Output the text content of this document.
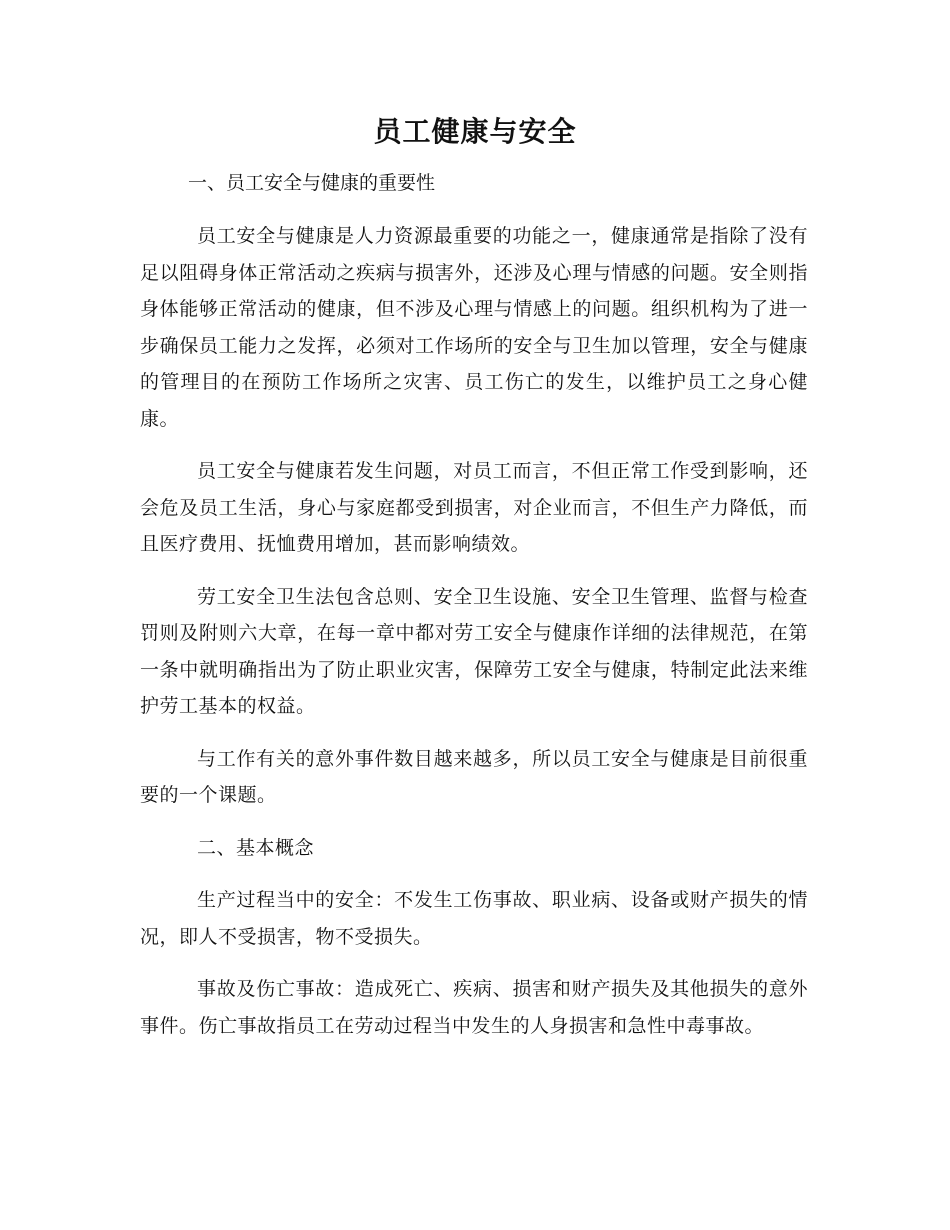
员工健康与安全

一、员工安全与健康的重要性

员工安全与健康是人力资源最重要的功能之一，健康通常是指除了没有足以阻碍身体正常活动之疾病与损害外，还涉及心理与情感的问题。安全则指身体能够正常活动的健康，但不涉及心理与情感上的问题。组织机构为了进一步确保员工能力之发挥，必须对工作场所的安全与卫生加以管理，安全与健康的管理目的在预防工作场所之灾害、员工伤亡的发生，以维护员工之身心健康。

员工安全与健康若发生问题，对员工而言，不但正常工作受到影响，还会危及员工生活，身心与家庭都受到损害，对企业而言，不但生产力降低，而且医疗费用、抚恤费用增加，甚而影响绩效。

劳工安全卫生法包含总则、安全卫生设施、安全卫生管理、监督与检查罚则及附则六大章，在每一章中都对劳工安全与健康作详细的法律规范，在第一条中就明确指出为了防止职业灾害，保障劳工安全与健康，特制定此法来维护劳工基本的权益。

与工作有关的意外事件数目越来越多，所以员工安全与健康是目前很重要的一个课题。

二、基本概念

生产过程当中的安全：不发生工伤事故、职业病、设备或财产损失的情况，即人不受损害，物不受损失。

事故及伤亡事故：造成死亡、疾病、损害和财产损失及其他损失的意外事件。伤亡事故指员工在劳动过程当中发生的人身损害和急性中毒事故。
